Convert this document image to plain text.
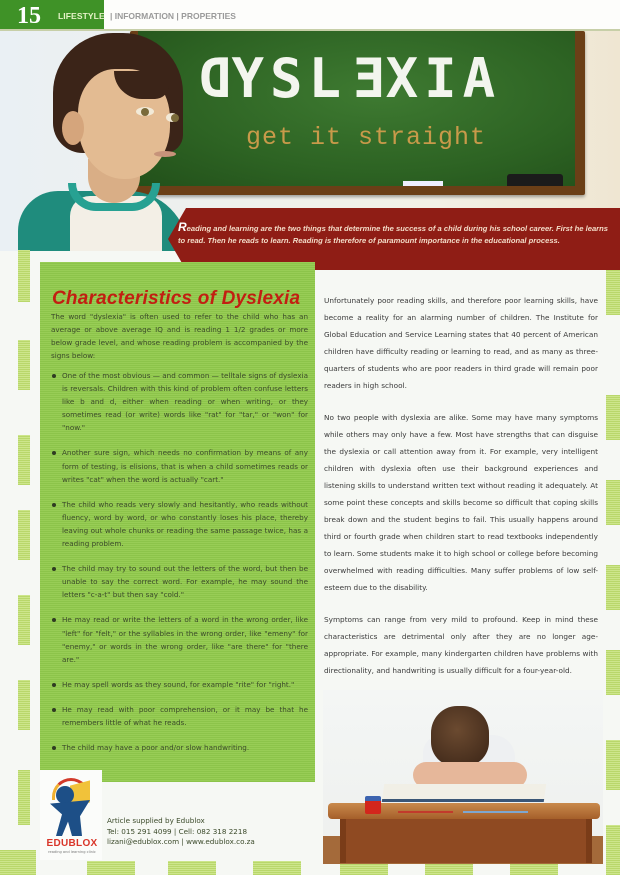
15 LIFESTYLE | INFORMATION | PROPERTIES
DYSLEXIA
get it straight

Reading and learning are the two things that determine the success of a child during his school career. First he learns to read. Then he reads to learn. Reading is therefore of paramount importance in the educational process.

Characteristics of Dyslexia

The word "dyslexia" is often used to refer to the child who has an average or above average IQ and is reading 1 1/2 grades or more below grade level, and whose reading problem is accompanied by the signs below:

One of the most obvious — and common — telltale signs of dyslexia is reversals. Children with this kind of problem often confuse letters like b and d, either when reading or when writing, or they sometimes read (or write) words like "rat" for "tar," or "won" for "now."
Another sure sign, which needs no confirmation by means of any form of testing, is elisions, that is when a child sometimes reads or writes "cat" when the word is actually "cart."
The child who reads very slowly and hesitantly, who reads without fluency, word by word, or who constantly loses his place, thereby leaving out whole chunks or reading the same passage twice, has a reading problem.
The child may try to sound out the letters of the word, but then be unable to say the correct word. For example, he may sound the letters "c-a-t" but then say "cold."
He may read or write the letters of a word in the wrong order, like "left" for "felt," or the syllables in the wrong order, like "emeny" for "enemy," or words in the wrong order, like "are there" for "there are."
He may spell words as they sound, for example "rite" for "right."
He may read with poor comprehension, or it may be that he remembers little of what he reads.
The child may have a poor and/or slow handwriting.
EDUBLOX
reading and learning clinic
Article supplied by Edublox
Tel: 015 291 4099 | Cell: 082 318 2218
lizani@edublox.com | www.edublox.co.za

Unfortunately poor reading skills, and therefore poor learning skills, have become a reality for an alarming number of children. The Institute for Global Education and Service Learning states that 40 percent of American children have difficulty reading or learning to read, and as many as three-quarters of students who are poor readers in third grade will remain poor readers in high school.

No two people with dyslexia are alike. Some may have many symptoms while others may only have a few. Most have strengths that can disguise the dyslexia or call attention away from it. For example, very intelligent children with dyslexia often use their background experiences and listening skills to understand written text without reading it adequately. At some point these concepts and skills become so difficult that coping skills break down and the student begins to fail. This usually happens around third or fourth grade when children start to read textbooks independently to learn. Some students make it to high school or college before becoming overwhelmed with reading difficulties. Many suffer problems of low self-esteem due to the disability.

Symptoms can range from very mild to profound. Keep in mind these characteristics are detrimental only after they are no longer age-appropriate. For example, many kindergarten children have problems with directionality, and handwriting is usually difficult for a four-year-old.
